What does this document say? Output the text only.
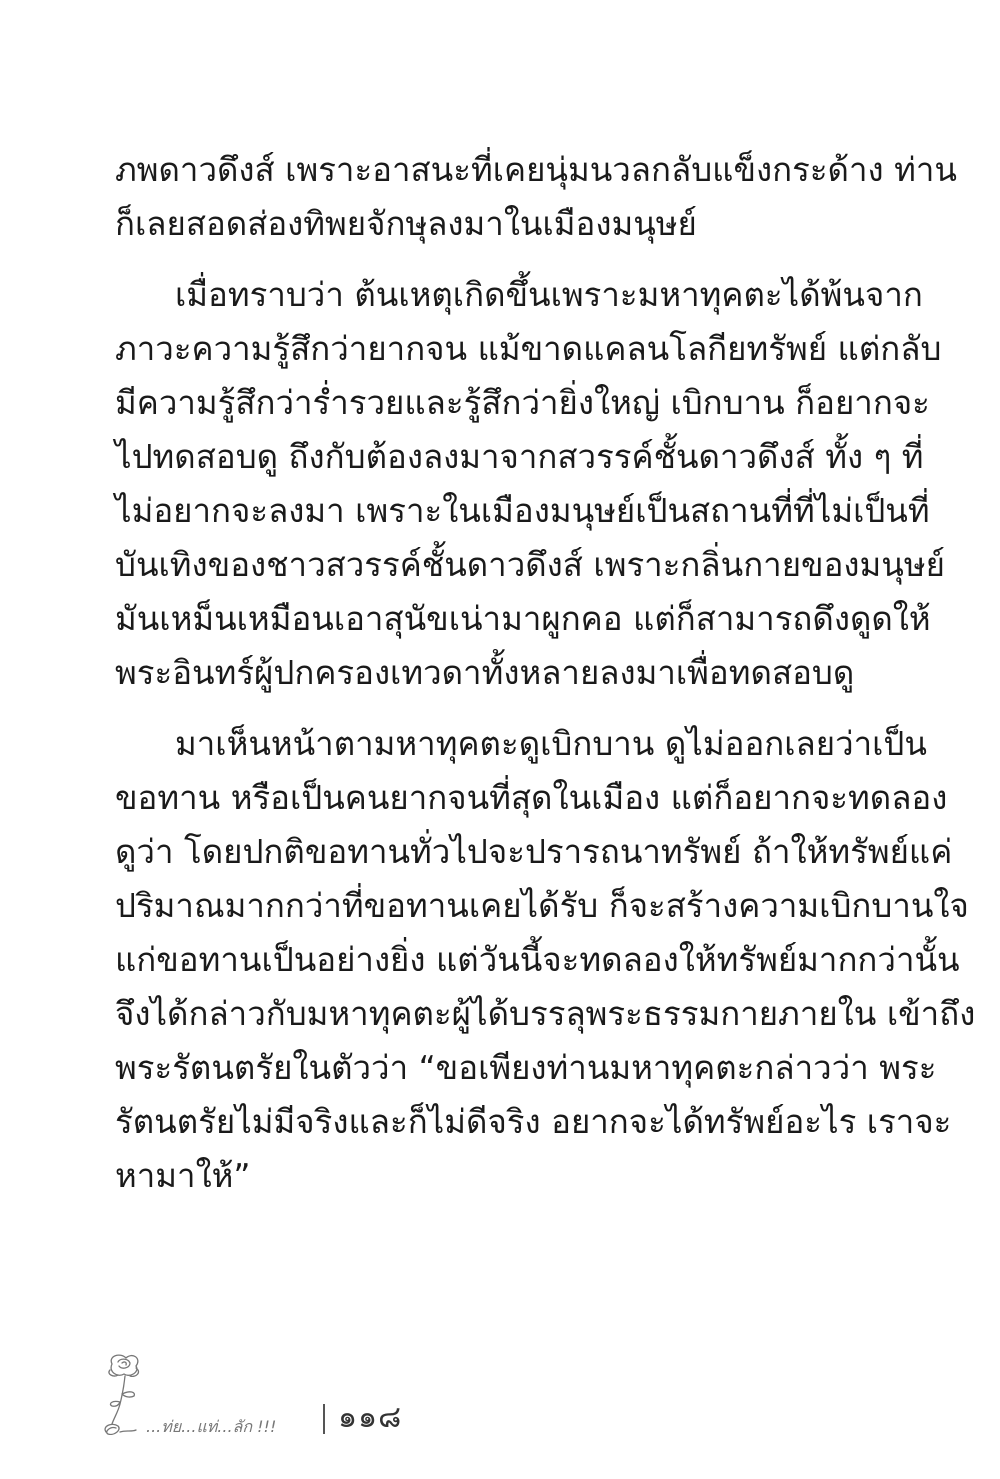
ภพดาวดึงส์ เพราะอาสนะที่เคยนุ่มนวลกลับแข็งกระด้าง ท่าน
ก็เลยสอดส่องทิพยจักษุลงมาในเมืองมนุษย์
เมื่อทราบว่า ต้นเหตุเกิดขึ้นเพราะมหาทุคตะได้พ้นจาก
ภาวะความรู้สึกว่ายากจน แม้ขาดแคลนโลกียทรัพย์ แต่กลับ
มีความรู้สึกว่าร่ำรวยและรู้สึกว่ายิ่งใหญ่ เบิกบาน ก็อยากจะ
ไปทดสอบดู ถึงกับต้องลงมาจากสวรรค์ชั้นดาวดึงส์ ทั้ง ๆ ที่
ไม่อยากจะลงมา เพราะในเมืองมนุษย์เป็นสถานที่ที่ไม่เป็นที่
บันเทิงของชาวสวรรค์ชั้นดาวดึงส์ เพราะกลิ่นกายของมนุษย์
มันเหม็นเหมือนเอาสุนัขเน่ามาผูกคอ แต่ก็สามารถดึงดูดให้
พระอินทร์ผู้ปกครองเทวดาทั้งหลายลงมาเพื่อทดสอบดู
มาเห็นหน้าตามหาทุคตะดูเบิกบาน ดูไม่ออกเลยว่าเป็น
ขอทาน หรือเป็นคนยากจนที่สุดในเมือง แต่ก็อยากจะทดลอง
ดูว่า โดยปกติขอทานทั่วไปจะปรารถนาทรัพย์ ถ้าให้ทรัพย์แค่
ปริมาณมากกว่าที่ขอทานเคยได้รับ ก็จะสร้างความเบิกบานใจ
แก่ขอทานเป็นอย่างยิ่ง แต่วันนี้จะทดลองให้ทรัพย์มากกว่านั้น
จึงได้กล่าวกับมหาทุคตะผู้ได้บรรลุพระธรรมกายภายใน เข้าถึง
พระรัตนตรัยในตัวว่า “ขอเพียงท่านมหาทุคตะกล่าวว่า พระ
รัตนตรัยไม่มีจริงและก็ไม่ดีจริง อยากจะได้ทรัพย์อะไร เราจะ
หามาให้”
...ท่ย...แท่...ลัก !!! ๑๑๘
